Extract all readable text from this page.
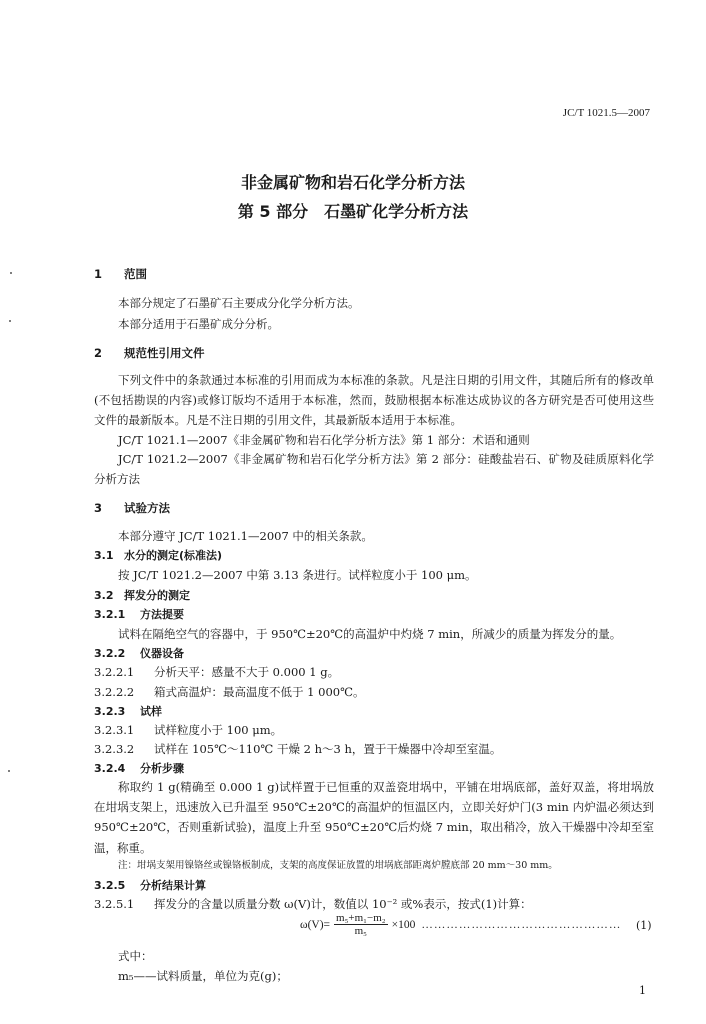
JC/T 1021.5—2007
非金属矿物和岩石化学分析方法
第 5 部分　石墨矿化学分析方法
1 范围
本部分规定了石墨矿石主要成分化学分析方法。
本部分适用于石墨矿成分分析。
2 规范性引用文件
下列文件中的条款通过本标准的引用而成为本标准的条款。凡是注日期的引用文件，其随后所有的修改单(不包括勘误的内容)或修订版均不适用于本标准，然而，鼓励根据本标准达成协议的各方研究是否可使用这些文件的最新版本。凡是不注日期的引用文件，其最新版本适用于本标准。
JC/T 1021.1—2007《非金属矿物和岩石化学分析方法》第 1 部分：术语和通则
JC/T 1021.2—2007《非金属矿物和岩石化学分析方法》第 2 部分：硅酸盐岩石、矿物及硅质原料化学分析方法
3 试验方法
本部分遵守 JC/T 1021.1—2007 中的相关条款。
3.1 水分的测定(标准法)
按 JC/T 1021.2—2007 中第 3.13 条进行。试样粒度小于 100 μm。
3.2 挥发分的测定
3.2.1 方法提要
试料在隔绝空气的容器中，于 950℃±20℃的高温炉中灼烧 7 min，所减少的质量为挥发分的量。
3.2.2 仪器设备
3.2.2.1 分析天平：感量不大于 0.000 1 g。
3.2.2.2 箱式高温炉：最高温度不低于 1 000℃。
3.2.3 试样
3.2.3.1 试样粒度小于 100 μm。
3.2.3.2 试样在 105℃～110℃ 干燥 2 h～3 h，置于干燥器中冷却至室温。
3.2.4 分析步骤
称取约 1 g(精确至 0.000 1 g)试样置于已恒重的双盖瓷坩埚中，平铺在坩埚底部，盖好双盖，将坩埚放在坩埚支架上，迅速放入已升温至 950℃±20℃的高温炉的恒温区内，立即关好炉门(3 min 内炉温必须达到 950℃±20℃，否则重新试验)，温度上升至 950℃±20℃后灼烧 7 min，取出稍冷，放入干燥器中冷却至室温，称重。
注：坩埚支架用镍铬丝或镍铬板制成，支架的高度保证放置的坩埚底部距离炉膛底部 20 mm～30 mm。
3.2.5 分析结果计算
3.2.5.1 挥发分的含量以质量分数 ω(V)计，数值以 10⁻² 或%表示，按式(1)计算：
$\omega(V)= \frac{\text{m₅+m₁−m₂}}{\text{m₅}} \times 100$ ………………………………………… (1)
式中：
m₅——试料质量，单位为克(g)；
1
